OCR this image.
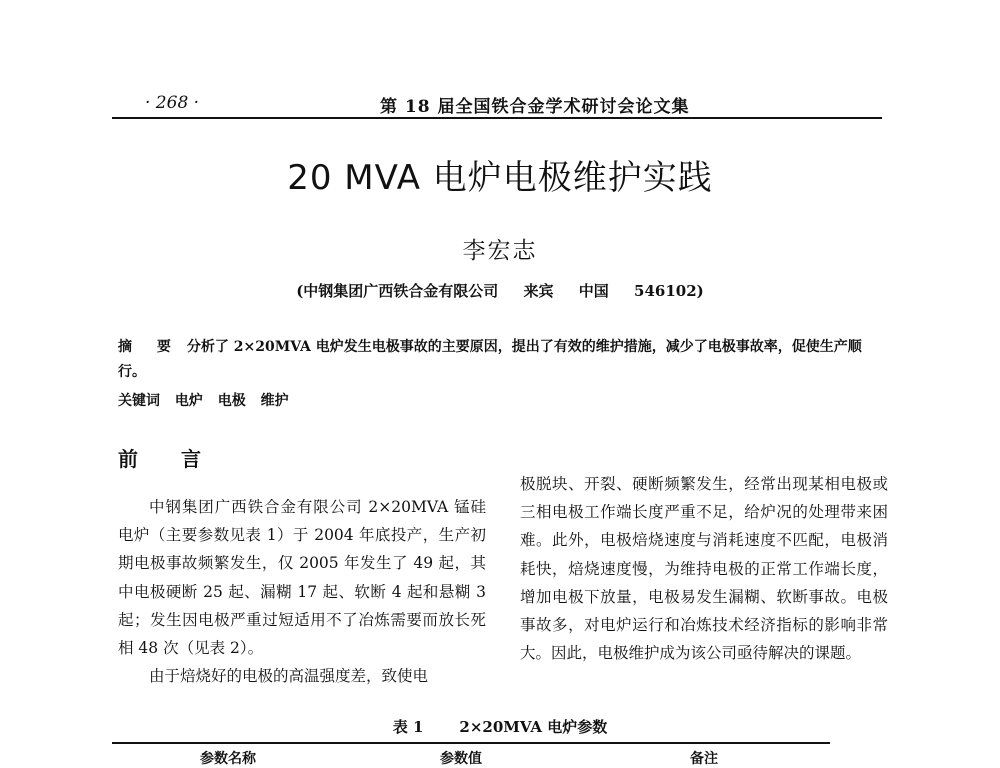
· 268 ·	第 18 届全国铁合金学术研讨会论文集
20 MVA 电炉电极维护实践
李宏志
(中钢集团广西铁合金有限公司 来宾 中国 546102)
摘 要 分析了 2×20MVA 电炉发生电极事故的主要原因，提出了有效的维护措施，减少了电极事故率，促使生产顺行。
关键词 电炉 电极 维护
前 言

中钢集团广西铁合金有限公司 2×20MVA 锰硅电炉（主要参数见表 1）于 2004 年底投产，生产初期电极事故频繁发生，仅 2005 年发生了 49 起，其中电极硬断 25 起、漏糊 17 起、软断 4 起和悬糊 3 起；发生因电极严重过短适用不了冶炼需要而放长死相 48 次（见表 2）。

由于焙烧好的电极的高温强度差，致使电

极脱块、开裂、硬断频繁发生，经常出现某相电极或三相电极工作端长度严重不足，给炉况的处理带来困难。此外，电极焙烧速度与消耗速度不匹配，电极消耗快，焙烧速度慢，为维持电极的正常工作端长度，增加电极下放量，电极易发生漏糊、软断事故。电极事故多，对电炉运行和冶炼技术经济指标的影响非常大。因此，电极维护成为该公司亟待解决的课题。

表 1 2×20MVA 电炉参数
参数名称	参数值	备注
